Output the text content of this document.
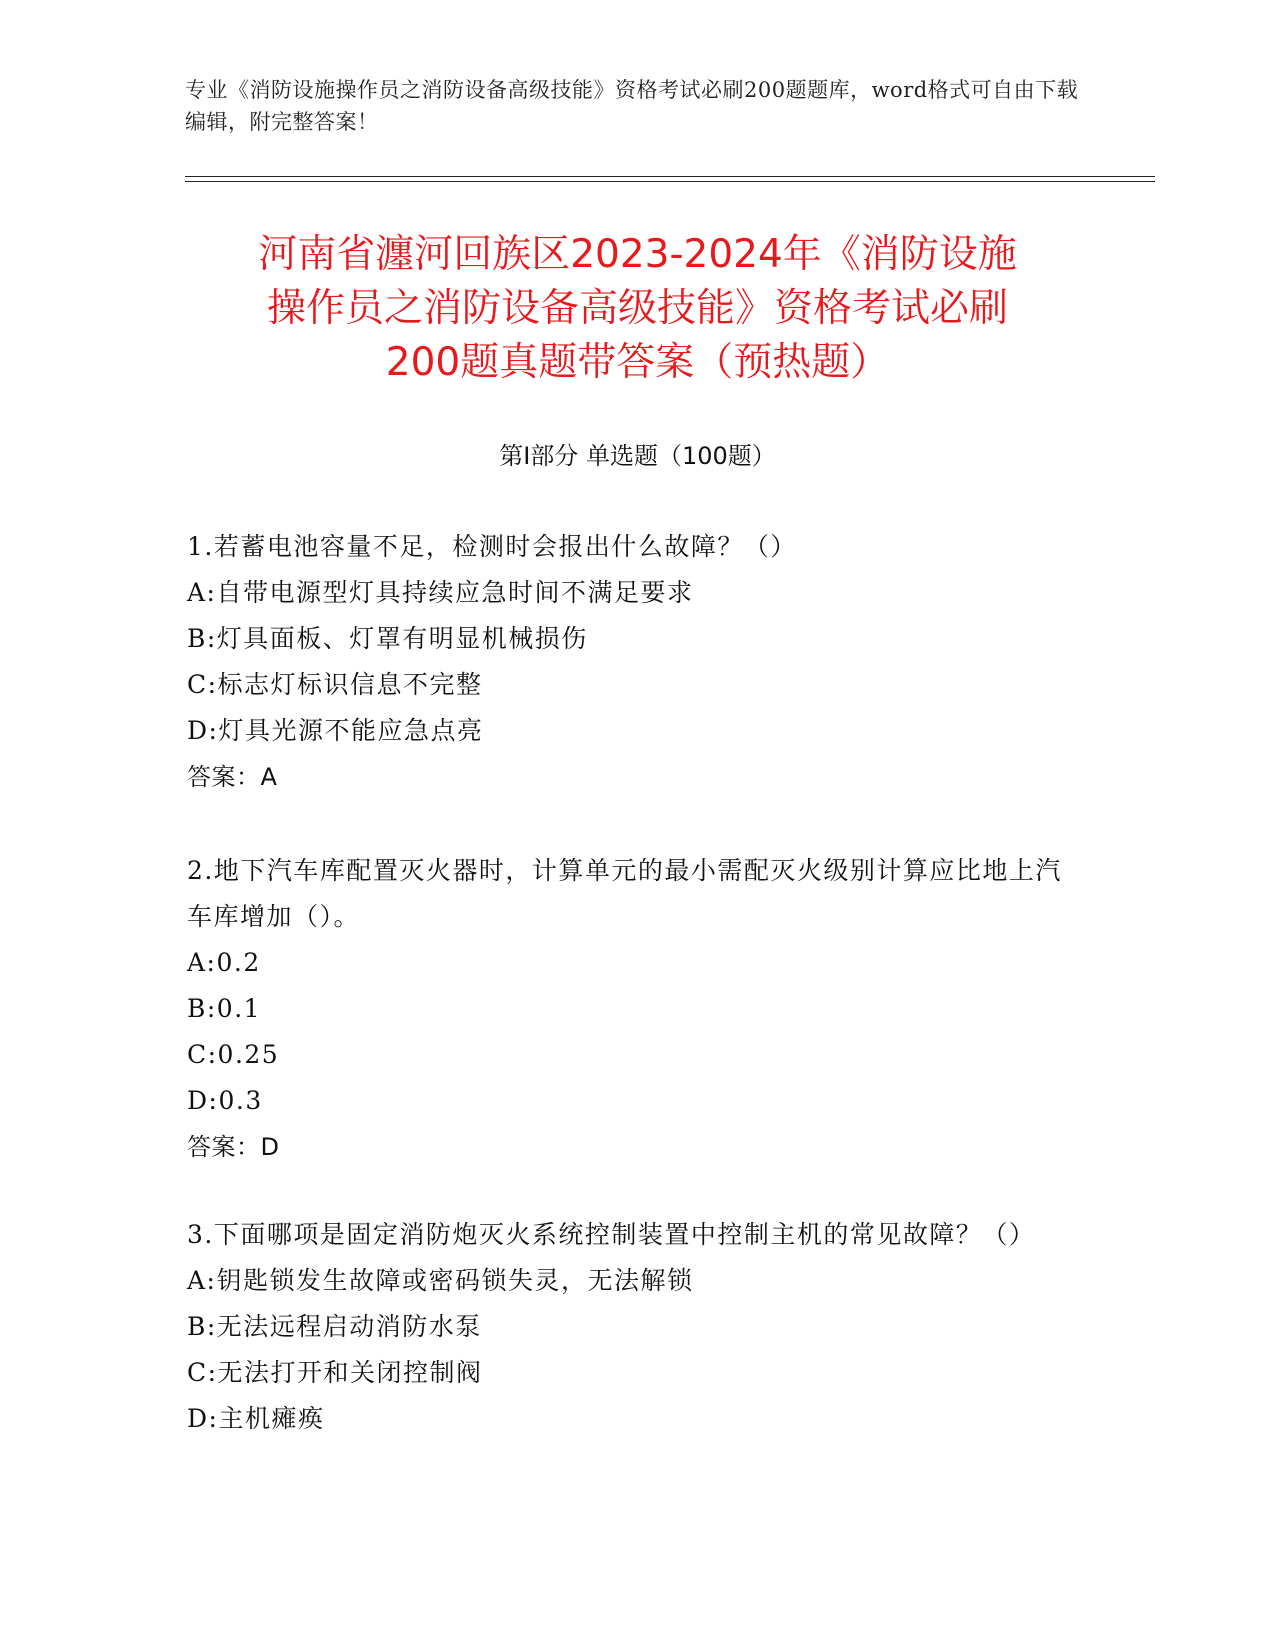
专业《消防设施操作员之消防设备高级技能》资格考试必刷200题题库，word格式可自由下载编辑，附完整答案！
河南省瀍河回族区2023-2024年《消防设施
操作员之消防设备高级技能》资格考试必刷
200题真题带答案（预热题）
第I部分 单选题（100题）
1.若蓄电池容量不足，检测时会报出什么故障？（）
A:自带电源型灯具持续应急时间不满足要求
B:灯具面板、灯罩有明显机械损伤
C:标志灯标识信息不完整
D:灯具光源不能应急点亮
答案：A
2.地下汽车库配置灭火器时，计算单元的最小需配灭火级别计算应比地上汽车库增加（）。
A:0.2
B:0.1
C:0.25
D:0.3
答案：D
3.下面哪项是固定消防炮灭火系统控制装置中控制主机的常见故障？（）
A:钥匙锁发生故障或密码锁失灵，无法解锁
B:无法远程启动消防水泵
C:无法打开和关闭控制阀
D:主机瘫痪
